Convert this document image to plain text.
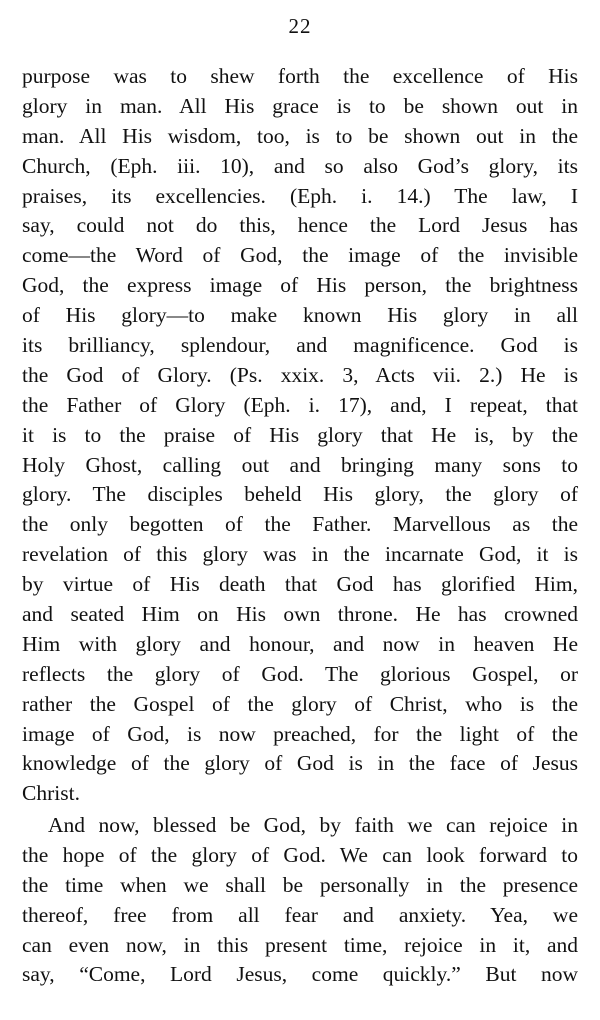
22
purpose was to shew forth the excellence of His
glory in man. All His grace is to be shown out in
man. All His wisdom, too, is to be shown out in the
Church, (Eph. iii. 10), and so also God’s glory, its
praises, its excellencies. (Eph. i. 14.) The law, I
say, could not do this, hence the Lord Jesus has
come—the Word of God, the image of the invisible
God, the express image of His person, the brightness
of His glory—to make known His glory in all
its brilliancy, splendour, and magnificence. God is
the God of Glory. (Ps. xxix. 3, Acts vii. 2.) He is
the Father of Glory (Eph. i. 17), and, I repeat, that
it is to the praise of His glory that He is, by the
Holy Ghost, calling out and bringing many sons to
glory. The disciples beheld His glory, the glory of
the only begotten of the Father. Marvellous as the
revelation of this glory was in the incarnate God, it is
by virtue of His death that God has glorified Him,
and seated Him on His own throne. He has crowned
Him with glory and honour, and now in heaven He
reflects the glory of God. The glorious Gospel, or
rather the Gospel of the glory of Christ, who is the
image of God, is now preached, for the light of the
knowledge of the glory of God is in the face of Jesus
Christ.
And now, blessed be God, by faith we can rejoice in
the hope of the glory of God. We can look forward to
the time when we shall be personally in the presence
thereof, free from all fear and anxiety. Yea, we
can even now, in this present time, rejoice in it, and
say, “Come, Lord Jesus, come quickly.” But now
